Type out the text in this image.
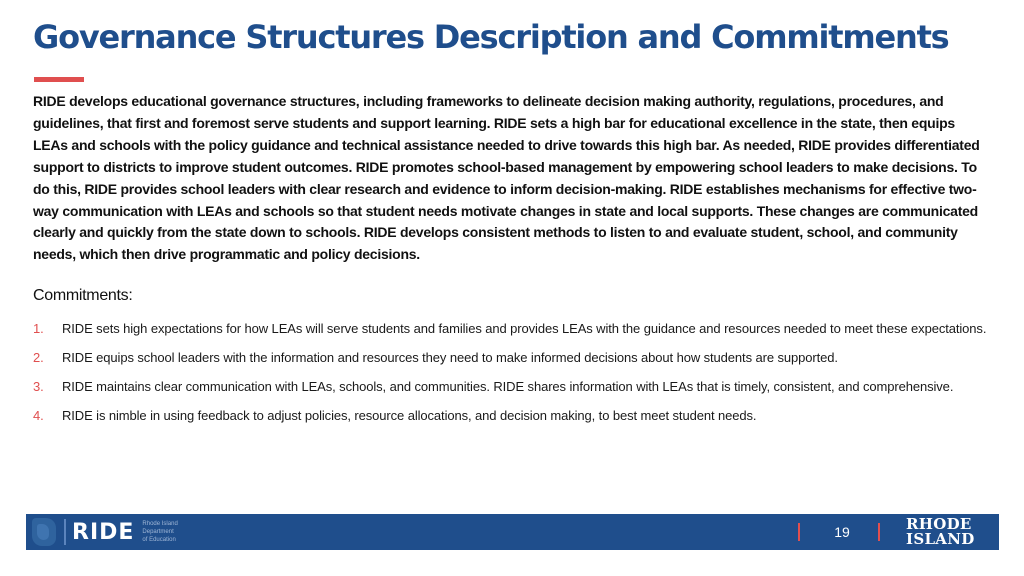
Governance Structures Description and Commitments

RIDE develops educational governance structures, including frameworks to delineate decision making authority, regulations, procedures, and guidelines, that first and foremost serve students and support learning. RIDE sets a high bar for educational excellence in the state, then equips LEAs and schools with the policy guidance and technical assistance needed to drive towards this high bar. As needed, RIDE provides differentiated support to districts to improve student outcomes. RIDE promotes school-based management by empowering school leaders to make decisions. To do this, RIDE provides school leaders with clear research and evidence to inform decision-making. RIDE establishes mechanisms for effective two-way communication with LEAs and schools so that student needs motivate changes in state and local supports. These changes are communicated clearly and quickly from the state down to schools. RIDE develops consistent methods to listen to and evaluate student, school, and community needs, which then drive programmatic and policy decisions.

Commitments:
1. RIDE sets high expectations for how LEAs will serve students and families and provides LEAs with the guidance and resources needed to meet these expectations.
2. RIDE equips school leaders with the information and resources they need to make informed decisions about how students are supported.
3. RIDE maintains clear communication with LEAs, schools, and communities. RIDE shares information with LEAs that is timely, consistent, and comprehensive.
4. RIDE is nimble in using feedback to adjust policies, resource allocations, and decision making, to best meet student needs.
RIDE Rhode Island
Department
of Education	19	RHODE
ISLAND
